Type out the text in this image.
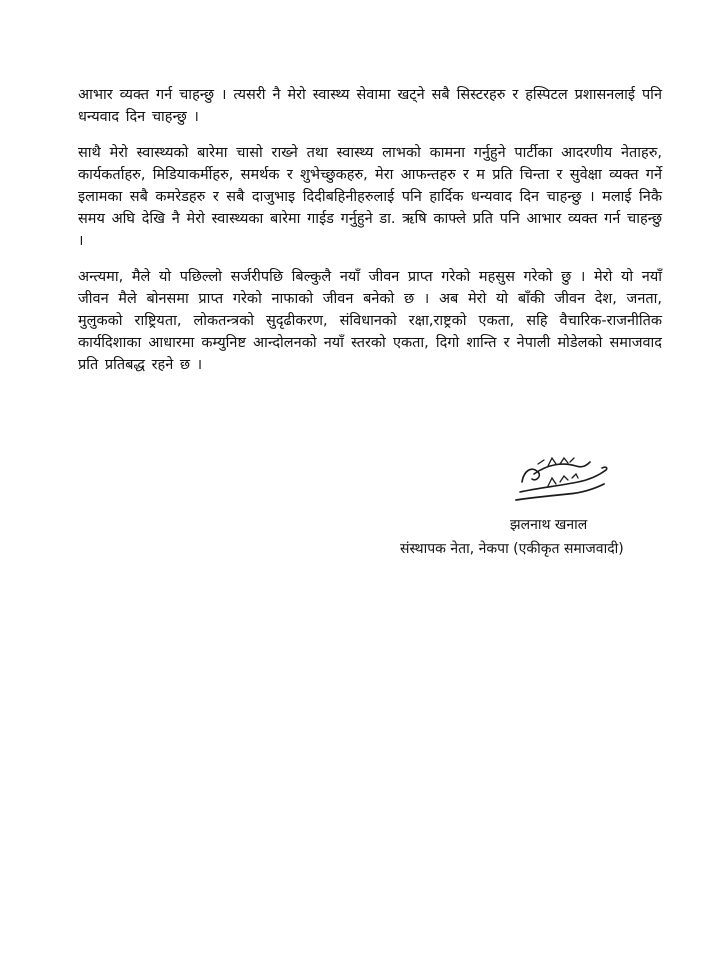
आभार व्यक्त गर्न चाहन्छु । त्यसरी नै मेरो स्वास्थ्य सेवामा खट्ने सबै सिस्टरहरु र हस्पिटल प्रशासनलाई पनि धन्यवाद दिन चाहन्छु ।

साथै मेरो स्वास्थ्यको बारेमा चासो राख्ने तथा स्वास्थ्य लाभको कामना गर्नुहुने पार्टीका आदरणीय नेताहरु, कार्यकर्ताहरु, मिडियाकर्मीहरु, समर्थक र शुभेच्छुकहरु, मेरा आफन्तहरु र म प्रति चिन्ता र सुवेक्षा व्यक्त गर्ने इलामका सबै कमरेडहरु र सबै दाजुभाइ दिदीबहिनीहरुलाई पनि हार्दिक धन्यवाद दिन चाहन्छु । मलाई निकै समय अघि देखि नै मेरो स्वास्थ्यका बारेमा गाईड गर्नुहुने डा. ऋषि काफ्ले प्रति पनि आभार व्यक्त गर्न चाहन्छु ।

अन्त्यमा, मैले यो पछिल्लो सर्जरीपछि बिल्कुलै नयाँ जीवन प्राप्त गरेको महसुस गरेको छु । मेरो यो नयाँ जीवन मैले बोनसमा प्राप्त गरेको नाफाको जीवन बनेको छ । अब मेरो यो बाँकी जीवन देश, जनता, मुलुकको राष्ट्रियता, लोकतन्त्रको सुदृढीकरण, संविधानको रक्षा,राष्ट्रको एकता, सहि वैचारिक-राजनीतिक कार्यदिशाका आधारमा कम्युनिष्ट आन्दोलनको नयाँ स्तरको एकता, दिगो शान्ति र नेपाली मोडेलको समाजवाद प्रति प्रतिबद्ध रहने छ ।

झलनाथ खनाल
संस्थापक नेता, नेकपा (एकीकृत समाजवादी)
